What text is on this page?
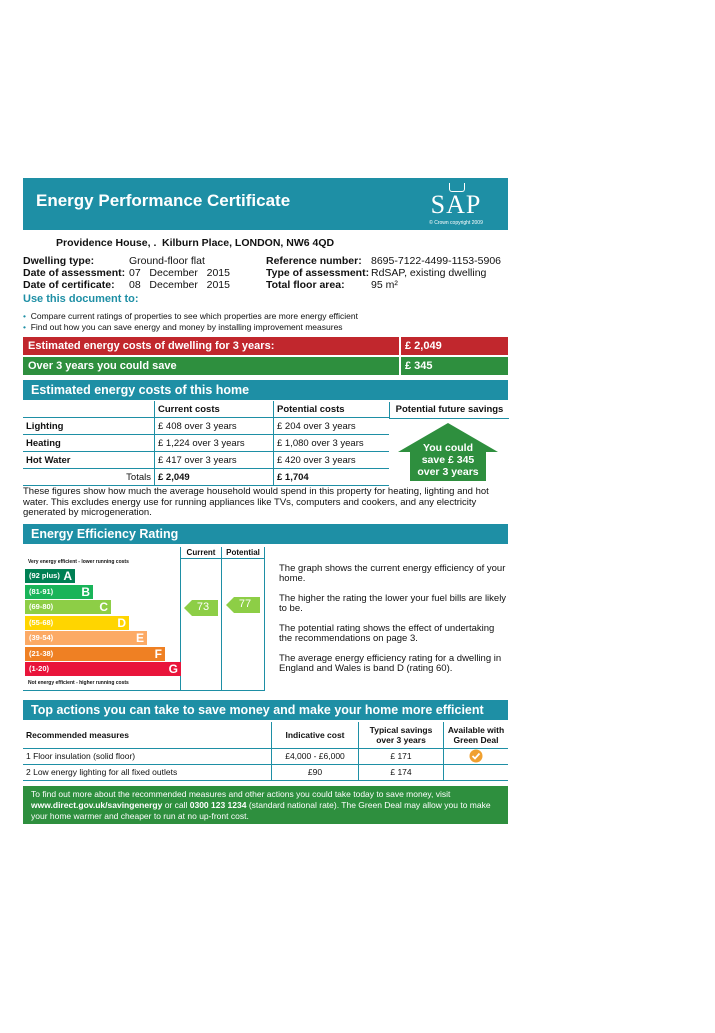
Energy Performance Certificate	SAP
© Crown copyright 2009
Providence House, . Kilburn Place, LONDON, NW6 4QD
Dwelling type:	Ground-floor flat
Date of assessment: 07   December   2015
Date of certificate: 08   December   2015
Reference number: 8695-7122-4499-1153-5906
Type of assessment: RdSAP, existing dwelling
Total floor area:	95 m²
Use this document to:
• Compare current ratings of properties to see which properties are more energy efficient
• Find out how you can save energy and money by installing improvement measures
Estimated energy costs of dwelling for 3 years:	£ 2,049
Over 3 years you could save	£ 345
Estimated energy costs of this home
	Current costs	Potential costs
Lighting	£ 408 over 3 years	£ 204 over 3 years
Heating	£ 1,224 over 3 years	£ 1,080 over 3 years
Hot Water	£ 417 over 3 years	£ 420 over 3 years
Totals	£ 2,049	£ 1,704
Potential future savings
You could
save £ 345
over 3 years
These figures show how much the average household would spend in this property for heating, lighting and hot water. This excludes energy use for running appliances like TVs, computers and cookers, and any electricity generated by microgeneration.
Energy Efficiency Rating
Current	Potential
Very energy efficient - lower running costs
(92 plus) A
(81-91) B
(69-80)	C
(55-68)	D
(39-54)	E
(21-38)	F
(1-20)	G
Not energy efficient - higher running costs
73	77
The graph shows the current energy efficiency of your home.
The higher the rating the lower your fuel bills are likely to be.
The potential rating shows the effect of undertaking the recommendations on page 3.
The average energy efficiency rating for a dwelling in England and Wales is band D (rating 60).
Top actions you can take to save money and make your home more efficient
Recommended measures	Indicative cost	Typical savings over 3 years	Available with Green Deal
1 Floor insulation (solid floor)	£4,000 - £6,000	£ 171	
2 Low energy lighting for all fixed outlets	£90	£ 174	
To find out more about the recommended measures and other actions you could take today to save money, visit www.direct.gov.uk/savingenergy or call 0300 123 1234 (standard national rate). The Green Deal may allow you to make your home warmer and cheaper to run at no up-front cost.
